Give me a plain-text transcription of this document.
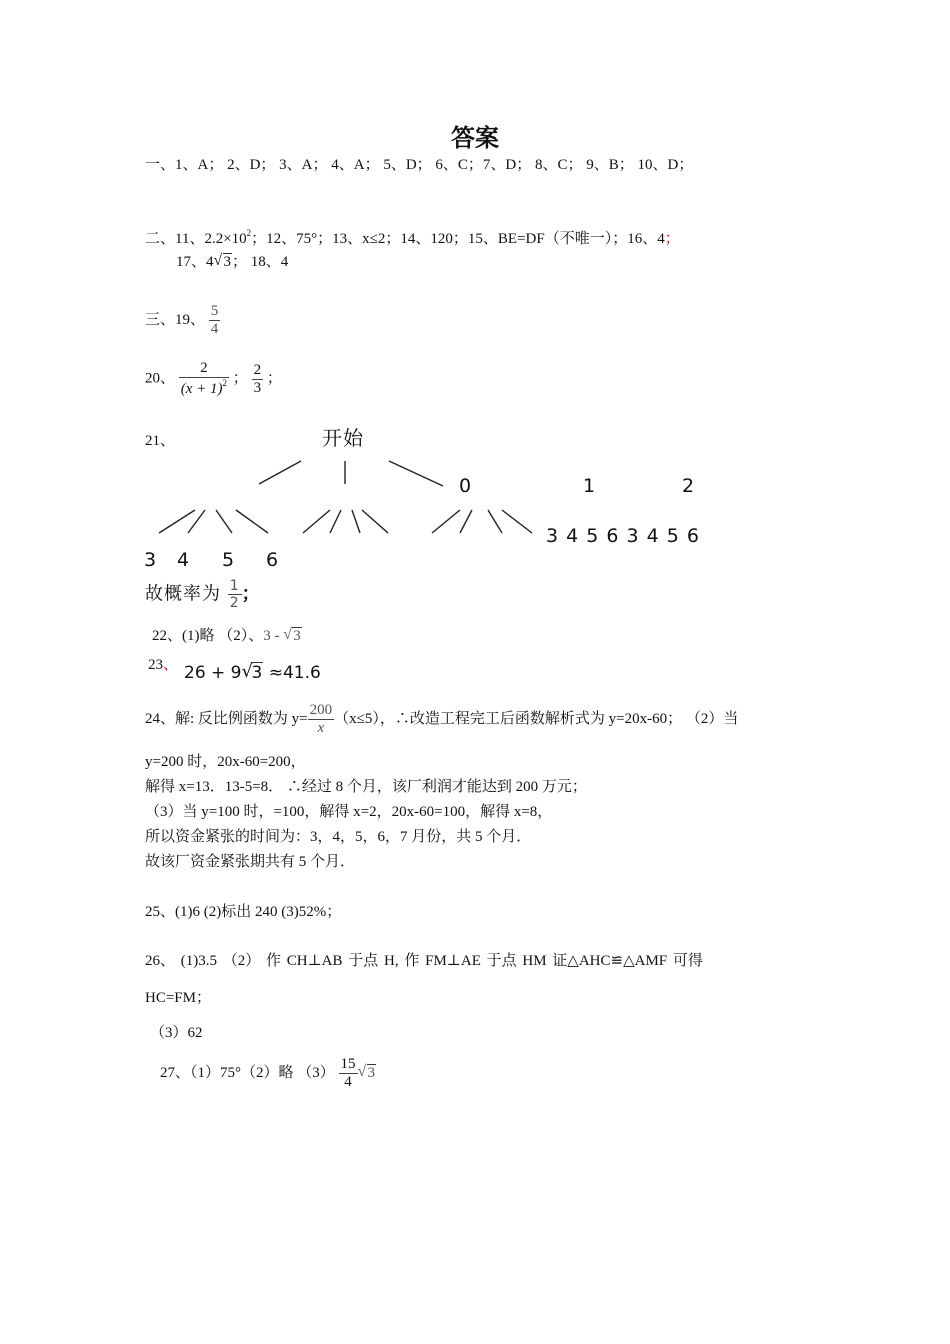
答案
一、1、A； 2、D； 3、A； 4、A； 5、D； 6、C；7、D； 8、C； 9、B； 10、D；
二、11、$2.2\times 10^2$；12、75°；13、x≤2；14、120；15、BE=DF（不唯一）；16、4；
17、4 √ 3； 18、4
三、19、 $\frac{5}{4}$
20、 $\frac{2}{(x + 1)^2}$ ； $\frac{2}{3}$ ；
21、	开始
0	1	2
3 4 5 6 3 4 5 6
3 4 5 6
故概率为 $\frac{1}{2}$ ；
22、(1)略 （2）、3 - √ 3
23、 26 + 9 √
3 ≈41.6
24、解: 反比例函数为 $y= \frac{200}{x} (x\le 5)$，∴改造工程完工后函数解析式为 y=20x-60； （2）当
y=200 时，20x-60=200，
解得 x=13．13-5=8． ∴经过 8 个月，该厂利润才能达到 200 万元；
（3）当 y=100 时，=100，解得 x=2，20x-60=100，解得 x=8，
所以资金紧张的时间为：3，4，5，6，7 月份，共 5 个月．
故该厂资金紧张期共有 5 个月．
25、(1)6 (2)标出 240 (3)52%；
26、 (1)3.5 （2） 作 CH⊥AB 于点 H, 作 FM⊥AE 于点 HM 证△AHC≌△AMF 可得
HC=FM；
（3）62
27、（1）75°（2）略 $(3) \frac{15}{4}$ √ 3
